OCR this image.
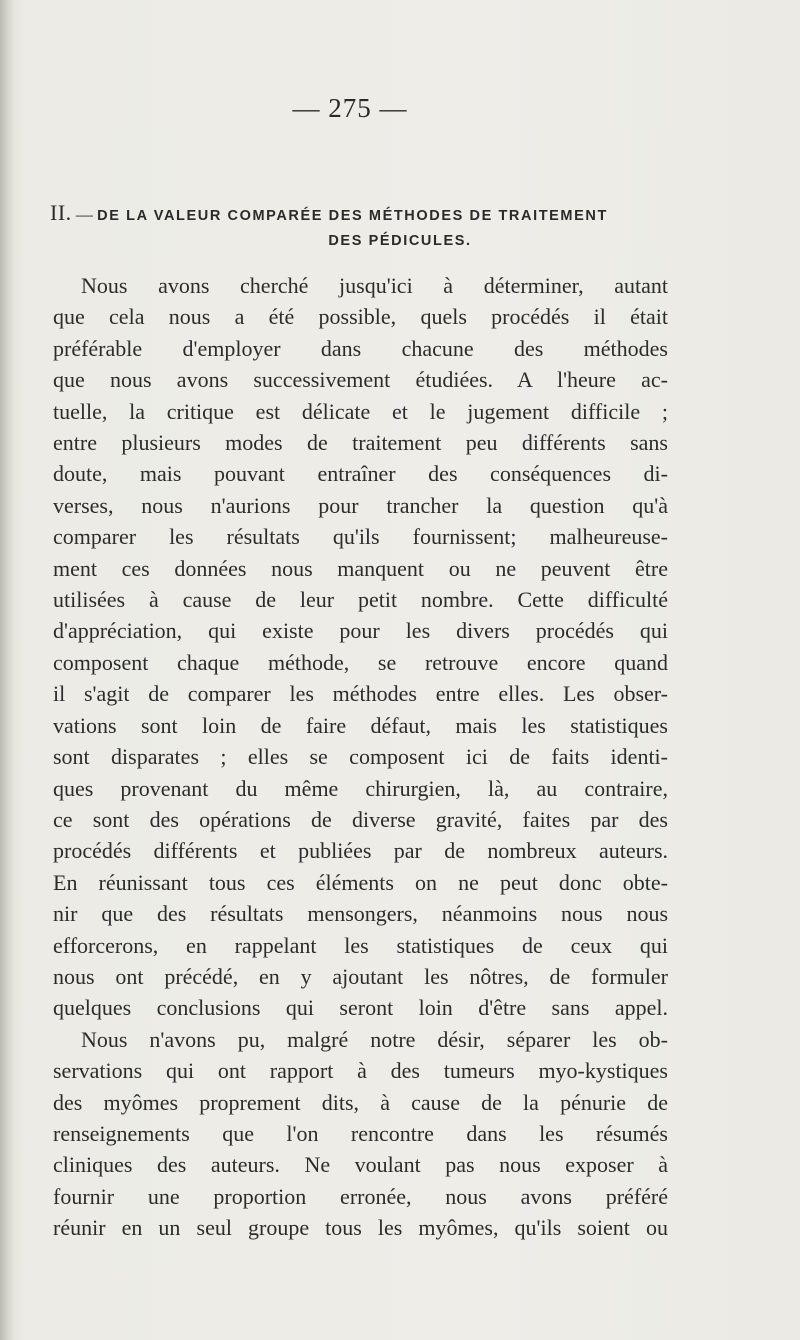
— 275 —
II. — DE LA VALEUR COMPARÉE DES MÉTHODES DE TRAITEMENT
DES PÉDICULES.
Nous avons cherché jusqu'ici à déterminer, autant
que cela nous a été possible, quels procédés il était
préférable d'employer dans chacune des méthodes
que nous avons successivement étudiées. A l'heure ac-
tuelle, la critique est délicate et le jugement difficile ;
entre plusieurs modes de traitement peu différents sans
doute, mais pouvant entraîner des conséquences di-
verses, nous n'aurions pour trancher la question qu'à
comparer les résultats qu'ils fournissent; malheureuse-
ment ces données nous manquent ou ne peuvent être
utilisées à cause de leur petit nombre. Cette difficulté
d'appréciation, qui existe pour les divers procédés qui
composent chaque méthode, se retrouve encore quand
il s'agit de comparer les méthodes entre elles. Les obser-
vations sont loin de faire défaut, mais les statistiques
sont disparates ; elles se composent ici de faits identi-
ques provenant du même chirurgien, là, au contraire,
ce sont des opérations de diverse gravité, faites par des
procédés différents et publiées par de nombreux auteurs.
En réunissant tous ces éléments on ne peut donc obte-
nir que des résultats mensongers, néanmoins nous nous
efforcerons, en rappelant les statistiques de ceux qui
nous ont précédé, en y ajoutant les nôtres, de formuler
quelques conclusions qui seront loin d'être sans appel.
Nous n'avons pu, malgré notre désir, séparer les ob-
servations qui ont rapport à des tumeurs myo-kystiques
des myômes proprement dits, à cause de la pénurie de
renseignements que l'on rencontre dans les résumés
cliniques des auteurs. Ne voulant pas nous exposer à
fournir une proportion erronée, nous avons préféré
réunir en un seul groupe tous les myômes, qu'ils soient ou
